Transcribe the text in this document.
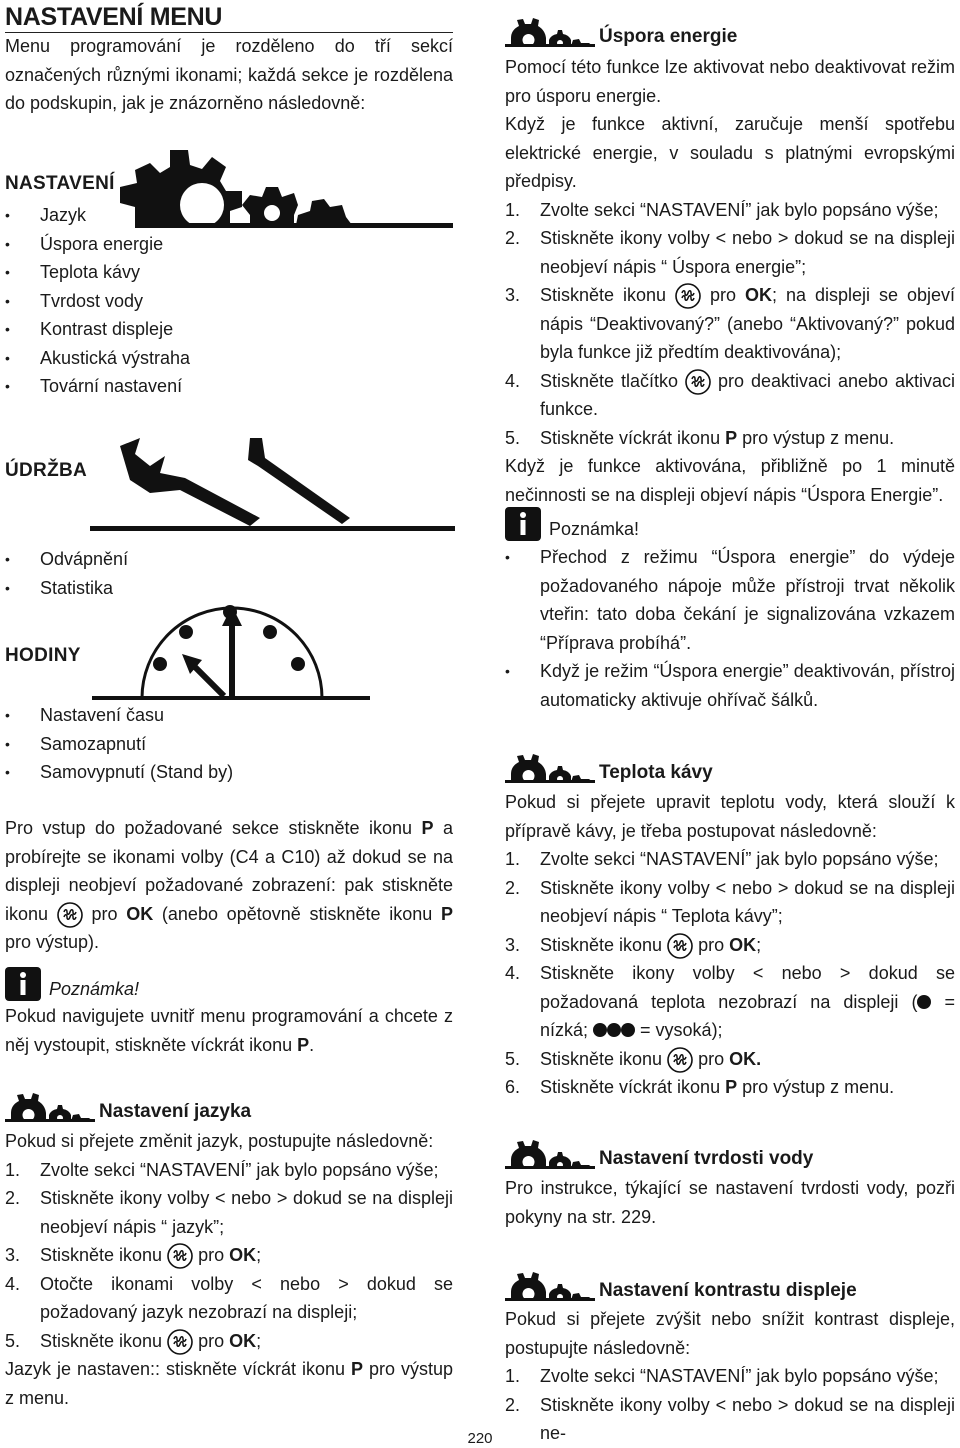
NASTAVENÍ MENU

Menu programování je rozděleno do tří sekcí označených různými ikonami; každá sekce je rozdělena do podskupin, jak je znázorněno následovně:

NASTAVENÍ
• Jazyk
• Úspora energie
• Teplota kávy
• Tvrdost vody
• Kontrast displeje
• Akustická výstraha
• Tovární nastavení
ÚDRŽBA
• Odvápnění
• Statistika
HODINY
• Nastavení času
• Samozapnutí
• Samovypnutí (Stand by)

Pro vstup do požadované sekce stiskněte ikonu P a probírejte se ikonami volby (C4 a C10) až dokud se na displeji neobjeví požadované zobrazení: pak stiskněte ikonu  pro OK (anebo opětovně stiskněte ikonu P pro výstup).

Poznámka!

Pokud navigujete uvnitř menu programování a chcete z něj vystoupit, stiskněte víckrát ikonu P.

Nastavení jazyka

Pokud si přejete změnit jazyk, postupujte následovně:

1. Zvolte sekci “NASTAVENÍ” jak bylo popsáno výše;
2. Stiskněte ikony volby < nebo > dokud se na displeji neobjeví nápis “ jazyk”;
3. Stiskněte ikonu  pro OK;
4. Otočte ikonami volby < nebo > dokud se požadovaný jazyk nezobrazí na displeji;
5. Stiskněte ikonu  pro OK;

Jazyk je nastaven:: stiskněte víckrát ikonu P pro výstup z menu.

Úspora energie

Pomocí této funkce lze aktivovat nebo deaktivovat režim pro úsporu energie.

Když je funkce aktivní, zaručuje menší spotřebu elektrické energie, v souladu s platnými evropskými předpisy.

1. Zvolte sekci “NASTAVENÍ” jak bylo popsáno výše;
2. Stiskněte ikony volby < nebo > dokud se na displeji neobjeví nápis “ Úspora energie”;
3. Stiskněte ikonu  pro OK; na displeji se objeví nápis “Deaktivovaný?” (anebo “Aktivovaný?” pokud byla funkce již předtím deaktivována);
4. Stiskněte tlačítko  pro deaktivaci anebo aktivaci funkce.
5. Stiskněte víckrát ikonu P pro výstup z menu.

Když je funkce aktivována, přibližně po 1 minutě nečinnosti se na displeji objeví nápis “Úspora Energie”.

Poznámka!
• Přechod z režimu “Úspora energie” do výdeje požadovaného nápoje může přístroji trvat několik vteřin: tato doba čekání je signalizována vzkazem “Příprava probíhá”.
• Když je režim “Úspora energie” deaktivován, přístroj automaticky aktivuje ohřívač šálků.
Teplota kávy

Pokud si přejete upravit teplotu vody, která slouží k přípravě kávy, je třeba postupovat následovně:

1. Zvolte sekci “NASTAVENÍ” jak bylo popsáno výše;
2. Stiskněte ikony volby < nebo > dokud se na displeji neobjeví nápis “ Teplota kávy”;
3. Stiskněte ikonu  pro OK;
4. Stiskněte ikony volby < nebo > dokud se požadovaná teplota nezobrazí na displeji ( = nízká;  = vysoká);
5. Stiskněte ikonu  pro OK.
6. Stiskněte víckrát ikonu P pro výstup z menu.
Nastavení tvrdosti vody

Pro instrukce, týkající se nastavení tvrdosti vody, pozři pokyny na str. 229.

Nastavení kontrastu displeje

Pokud si přejete zvýšit nebo snížit kontrast displeje, postupujte následovně:

1. Zvolte sekci “NASTAVENÍ” jak bylo popsáno výše;
2. Stiskněte ikony volby < nebo > dokud se na displeji ne-
220
